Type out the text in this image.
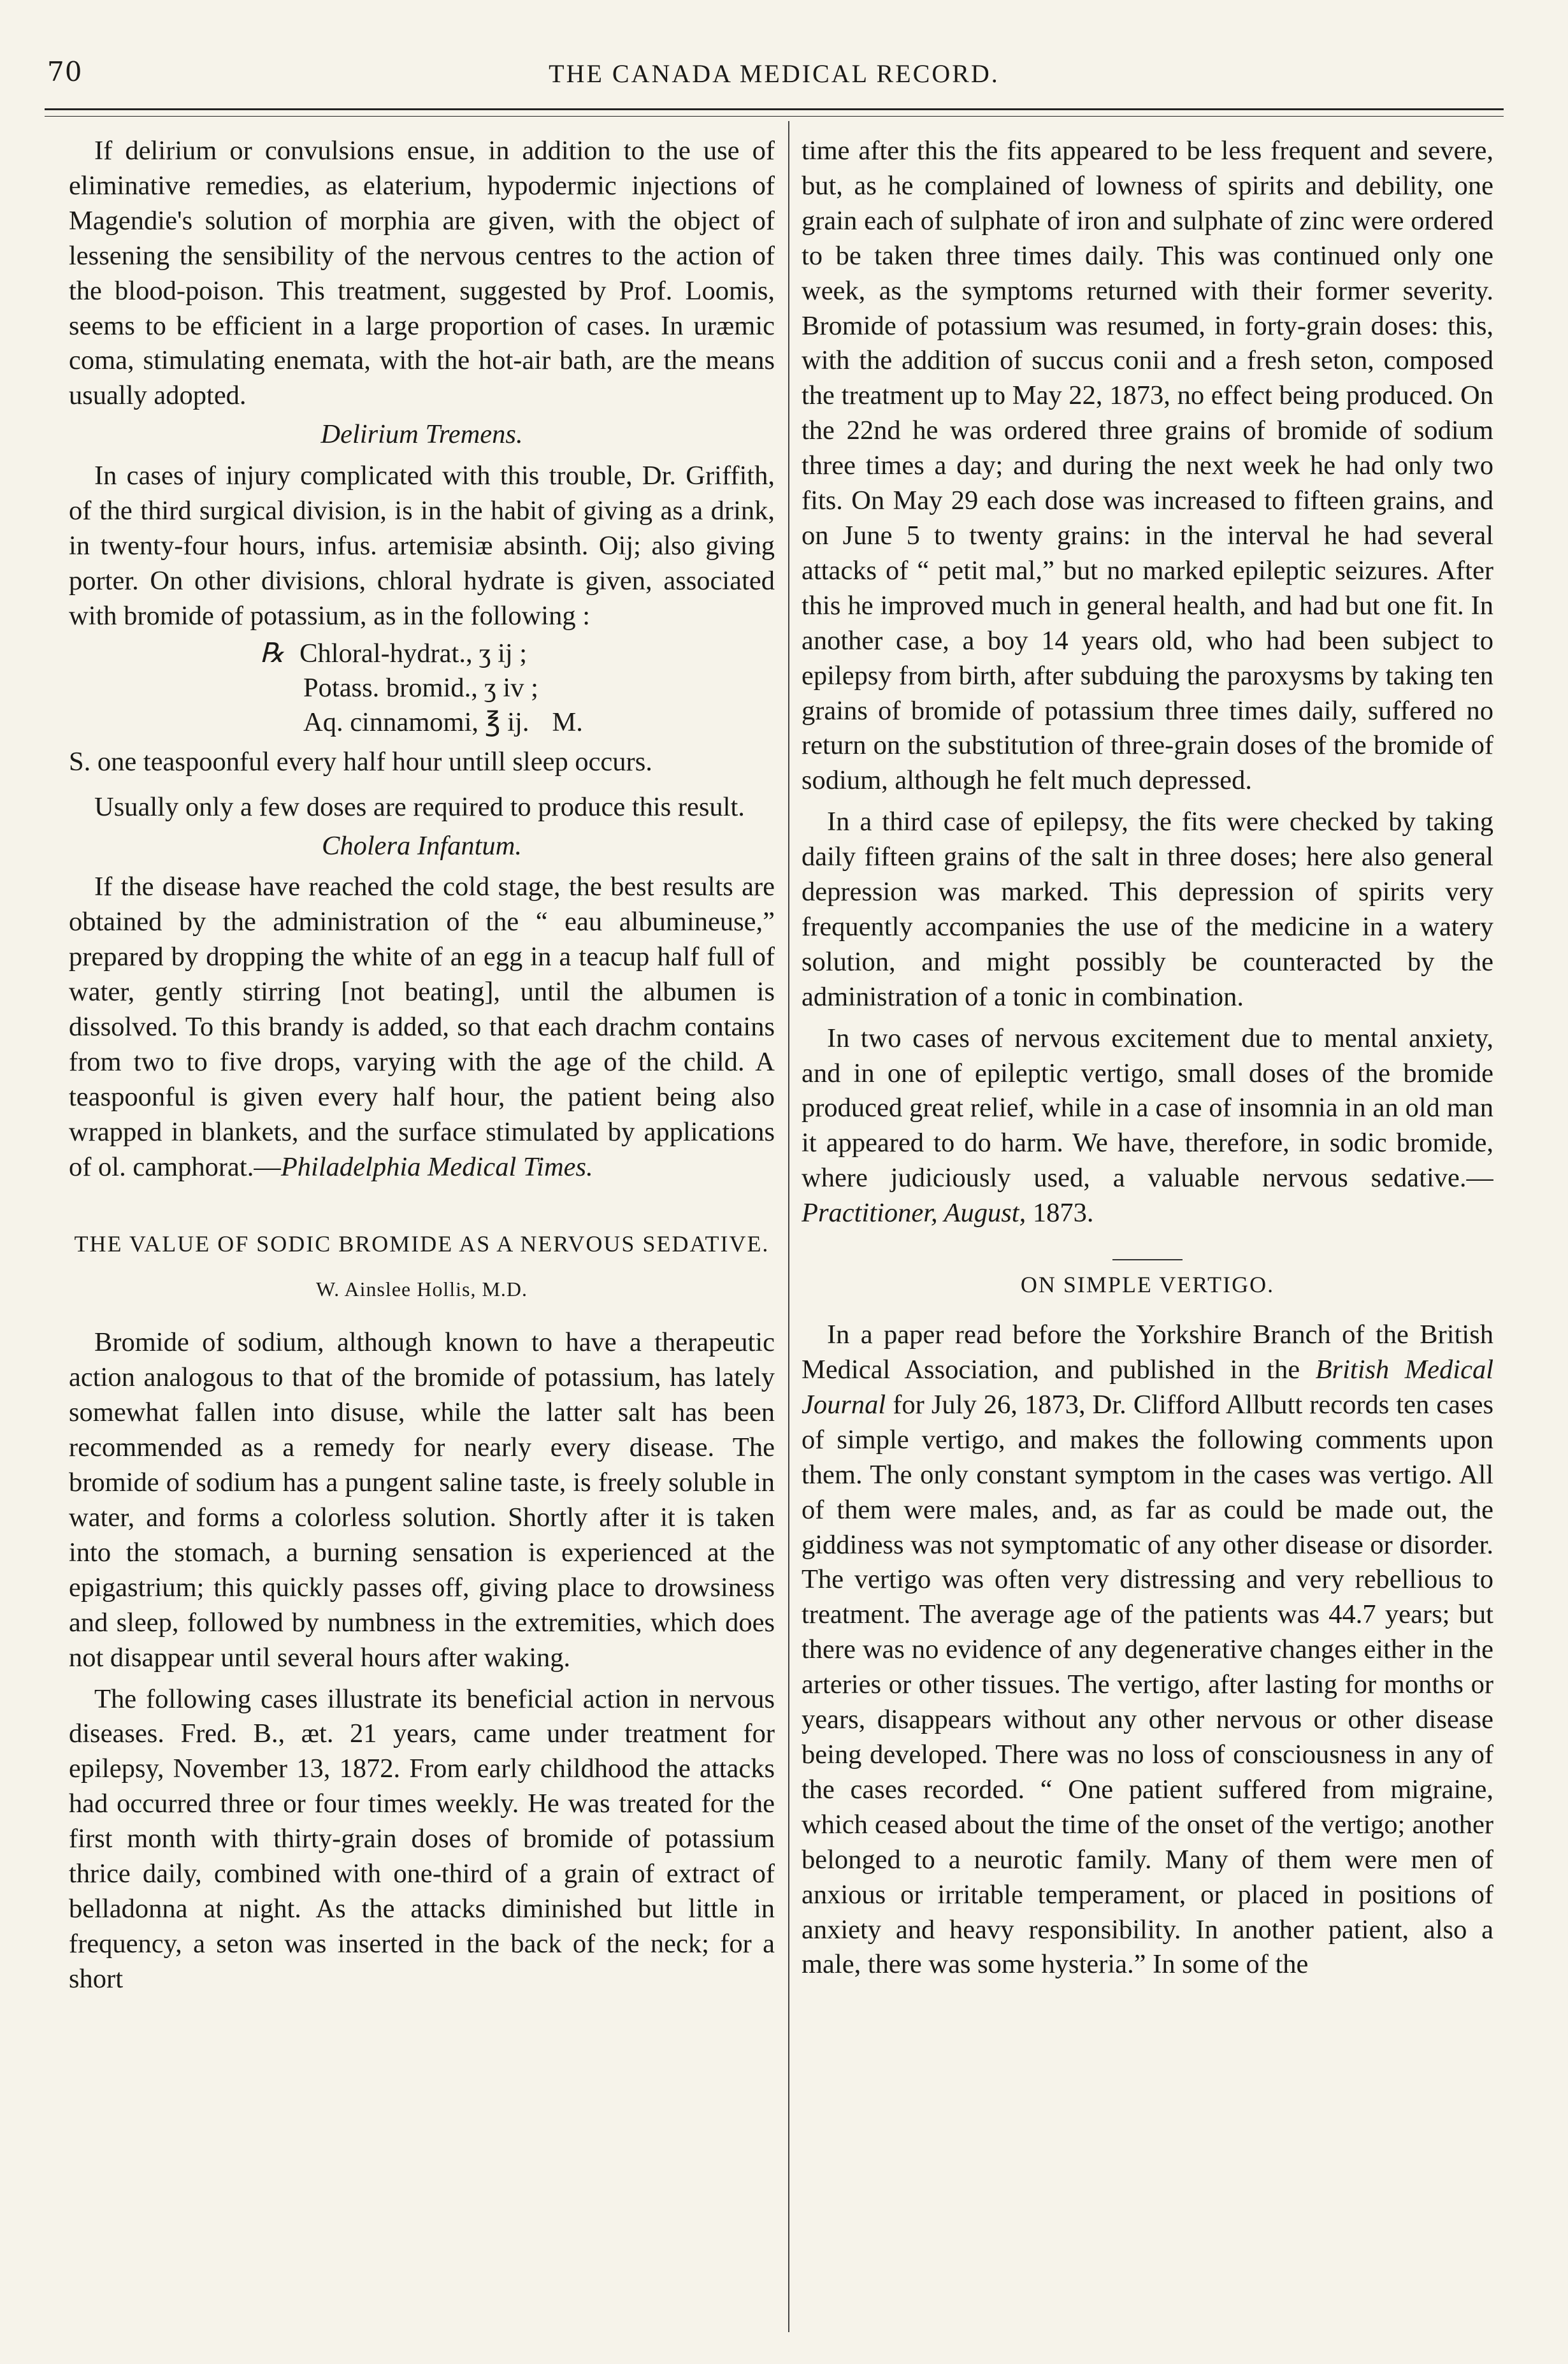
70	THE CANADA MEDICAL RECORD.

If delirium or convulsions ensue, in addition to the use of eliminative remedies, as elaterium, hypodermic injections of Magendie's solution of morphia are given, with the object of lessening the sensibility of the nervous centres to the action of the blood-poison. This treatment, suggested by Prof. Loomis, seems to be efficient in a large proportion of cases. In uræmic coma, stimulating enemata, with the hot-air bath, are the means usually adopted.

Delirium Tremens.

In cases of injury complicated with this trouble, Dr. Griffith, of the third surgical division, is in the habit of giving as a drink, in twenty-four hours, infus. artemisiæ absinth. Oij; also giving porter. On other divisions, chloral hydrate is given, associated with bromide of potassium, as in the following :

℞ Chloral-hydrat., ʒ ij ;
Potass. bromid., ʒ iv ;
Aq. cinnamomi, ℥ ij. M.

S. one teaspoonful every half hour untill sleep occurs.

Usually only a few doses are required to produce this result.

Cholera Infantum.

If the disease have reached the cold stage, the best results are obtained by the administration of the “ eau albumineuse,” prepared by dropping the white of an egg in a teacup half full of water, gently stirring [not beating], until the albumen is dissolved. To this brandy is added, so that each drachm contains from two to five drops, varying with the age of the child. A teaspoonful is given every half hour, the patient being also wrapped in blankets, and the surface stimulated by applications of ol. camphorat.—Philadelphia Medical Times.

THE VALUE OF SODIC BROMIDE AS A NERVOUS SEDATIVE.
W. Ainslee Hollis, M.D.

Bromide of sodium, although known to have a therapeutic action analogous to that of the bromide of potassium, has lately somewhat fallen into disuse, while the latter salt has been recommended as a remedy for nearly every disease. The bromide of sodium has a pungent saline taste, is freely soluble in water, and forms a colorless solution. Shortly after it is taken into the stomach, a burning sensation is experienced at the epigastrium; this quickly passes off, giving place to drowsiness and sleep, followed by numbness in the extremities, which does not disappear until several hours after waking.

The following cases illustrate its beneficial action in nervous diseases. Fred. B., æt. 21 years, came under treatment for epilepsy, November 13, 1872. From early childhood the attacks had occurred three or four times weekly. He was treated for the first month with thirty-grain doses of bromide of potassium thrice daily, combined with one-third of a grain of extract of belladonna at night. As the attacks diminished but little in frequency, a seton was inserted in the back of the neck; for a short

time after this the fits appeared to be less frequent and severe, but, as he complained of lowness of spirits and debility, one grain each of sulphate of iron and sulphate of zinc were ordered to be taken three times daily. This was continued only one week, as the symptoms returned with their former severity. Bromide of potassium was resumed, in forty-grain doses: this, with the addition of succus conii and a fresh seton, composed the treatment up to May 22, 1873, no effect being produced. On the 22nd he was ordered three grains of bromide of sodium three times a day; and during the next week he had only two fits. On May 29 each dose was increased to fifteen grains, and on June 5 to twenty grains: in the interval he had several attacks of “ petit mal,” but no marked epileptic seizures. After this he improved much in general health, and had but one fit. In another case, a boy 14 years old, who had been subject to epilepsy from birth, after subduing the paroxysms by taking ten grains of bromide of potassium three times daily, suffered no return on the substitution of three-grain doses of the bromide of sodium, although he felt much depressed.

In a third case of epilepsy, the fits were checked by taking daily fifteen grains of the salt in three doses; here also general depression was marked. This depression of spirits very frequently accompanies the use of the medicine in a watery solution, and might possibly be counteracted by the administration of a tonic in combination.

In two cases of nervous excitement due to mental anxiety, and in one of epileptic vertigo, small doses of the bromide produced great relief, while in a case of insomnia in an old man it appeared to do harm. We have, therefore, in sodic bromide, where judiciously used, a valuable nervous sedative.—Practitioner, August, 1873.

ON SIMPLE VERTIGO.

In a paper read before the Yorkshire Branch of the British Medical Association, and published in the British Medical Journal for July 26, 1873, Dr. Clifford Allbutt records ten cases of simple vertigo, and makes the following comments upon them. The only constant symptom in the cases was vertigo. All of them were males, and, as far as could be made out, the giddiness was not symptomatic of any other disease or disorder. The vertigo was often very distressing and very rebellious to treatment. The average age of the patients was 44.7 years; but there was no evidence of any degenerative changes either in the arteries or other tissues. The vertigo, after lasting for months or years, disappears without any other nervous or other disease being developed. There was no loss of consciousness in any of the cases recorded. “ One patient suffered from migraine, which ceased about the time of the onset of the vertigo; another belonged to a neurotic family. Many of them were men of anxious or irritable temperament, or placed in positions of anxiety and heavy responsibility. In another patient, also a male, there was some hysteria.” In some of the
